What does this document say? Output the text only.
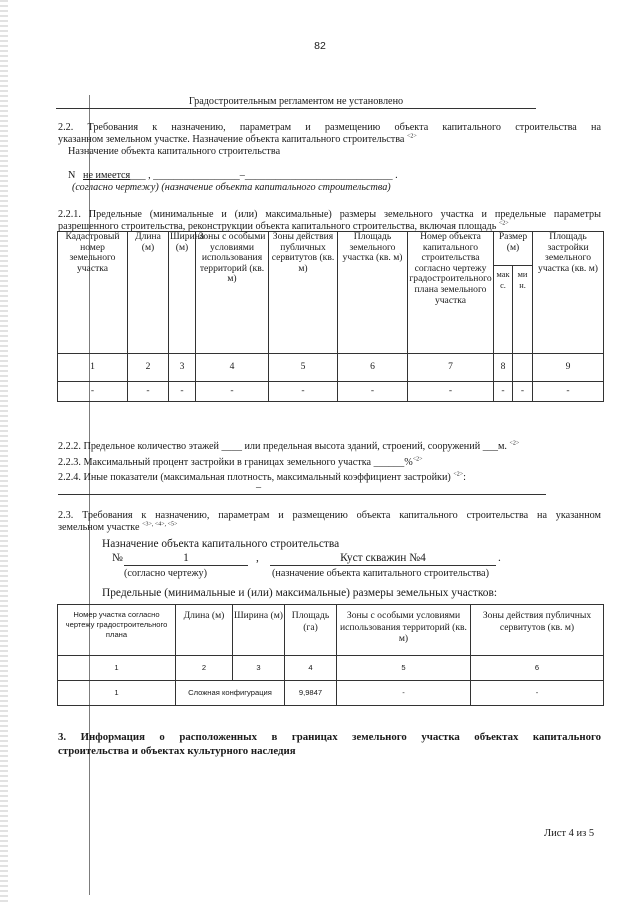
82
Градостроительным регламентом не установлено
2.2. Требования к назначению, параметрам и размещению объекта капитального строительства на
указанном земельном участке. Назначение объекта капитального строительства $^{<2>}$
Назначение объекта капитального строительства
N не имеется___ , _________________–_____________________________ .
(согласно чертежу) (назначение объекта капитального строительства)
2.2.1. Предельные (минимальные и (или) максимальные) размеры земельного участка и предельные параметры
разрешенного строительства, реконструкции объекта капитального строительства, включая площадь $^{<2>}$
Кадастровый номер земельного участка	Длина (м)	Ширина (м)	Зоны с особыми условиями использования территорий (кв. м)	Зоны действия публичных сервитутов (кв. м)	Площадь земельного участка (кв. м)	Номер объекта капитального строительства согласно чертежу градостроительного плана земельного участка	Размер (м)		Площадь застройки земельного участка (кв. м)
							мак с.	ми н.	
1	2	3	4	5	6	7	8	8	9
-	-	-	-	-	-	-	-	-	-
2.2.2. Предельное количество этажей ____ или предельная высота зданий, строений, сооружений ___м. $^{<2>}$
2.2.3. Максимальный процент застройки в границах земельного участка ______%$^{<2>}$
2.2.4. Иные показатели (максимальная плотность, максимальный коэффициент застройки) $^{<2>}$:
–
2.3. Требования к назначению, параметрам и размещению объекта капитального строительства на указанном
земельном участке $^{<3>, <4>, <5>}$
Назначение объекта капитального строительства
№	1	,	Куст скважин №4	.
(согласно чертежу)	(назначение объекта капитального строительства)
Предельные (минимальные и (или) максимальные) размеры земельных участков:
Номер участка согласно чертежу градостроительного плана	Длина (м)	Ширина (м)	Площадь (га)	Зоны с особыми условиями использования территорий (кв. м)	Зоны действия публичных сервитутов (кв. м)
1	2	3	4	5	6
1	Сложная конфигурация		9,9847	-	-
3. Информация о расположенных в границах земельного участка объектах капитального
строительства и объектах культурного наследия
Лист 4 из 5
